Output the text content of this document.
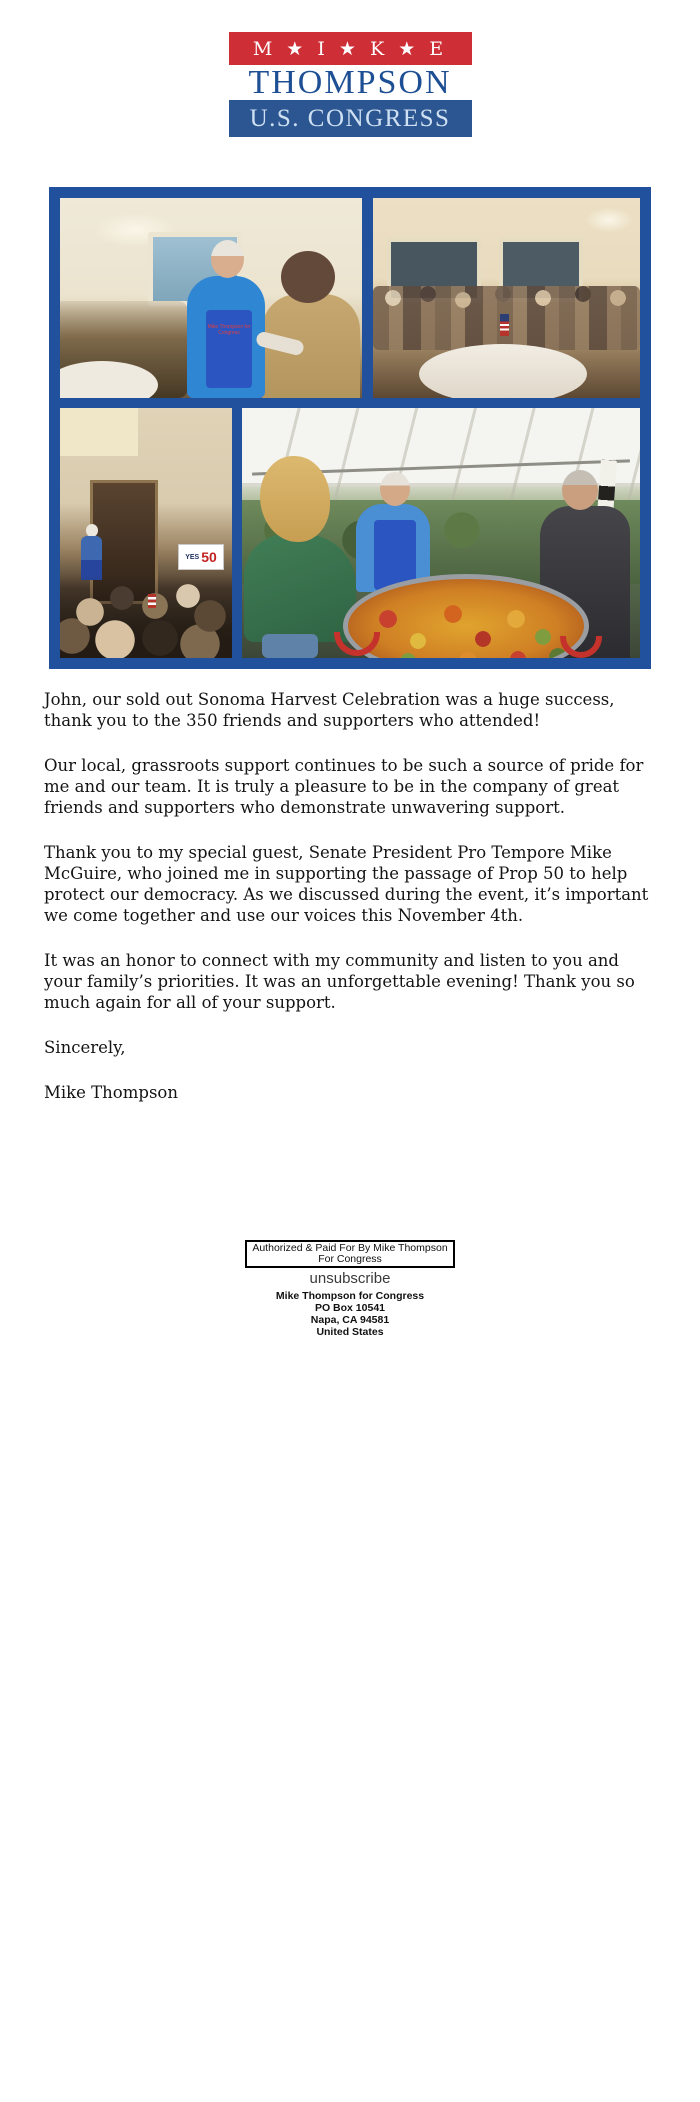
M ★ I ★ K ★ E
THOMPSON
U.S. CONGRESS
Mike Thompson for Congress
YES 50

John, our sold out Sonoma Harvest Celebration was a huge success, thank you to the 350 friends and supporters who attended!

Our local, grassroots support continues to be such a source of pride for me and our team. It is truly a pleasure to be in the company of great friends and supporters who demonstrate unwavering support.

Thank you to my special guest, Senate President Pro Tempore Mike McGuire, who joined me in supporting the passage of Prop 50 to help protect our democracy. As we discussed during the event, it’s important we come together and use our voices this November 4th.

It was an honor to connect with my community and listen to you and your family’s priorities. It was an unforgettable evening! Thank you so much again for all of your support.

Sincerely,

Mike Thompson

Authorized & Paid For By Mike Thompson
For Congress
unsubscribe
Mike Thompson for Congress
PO Box 10541
Napa, CA 94581
United States
